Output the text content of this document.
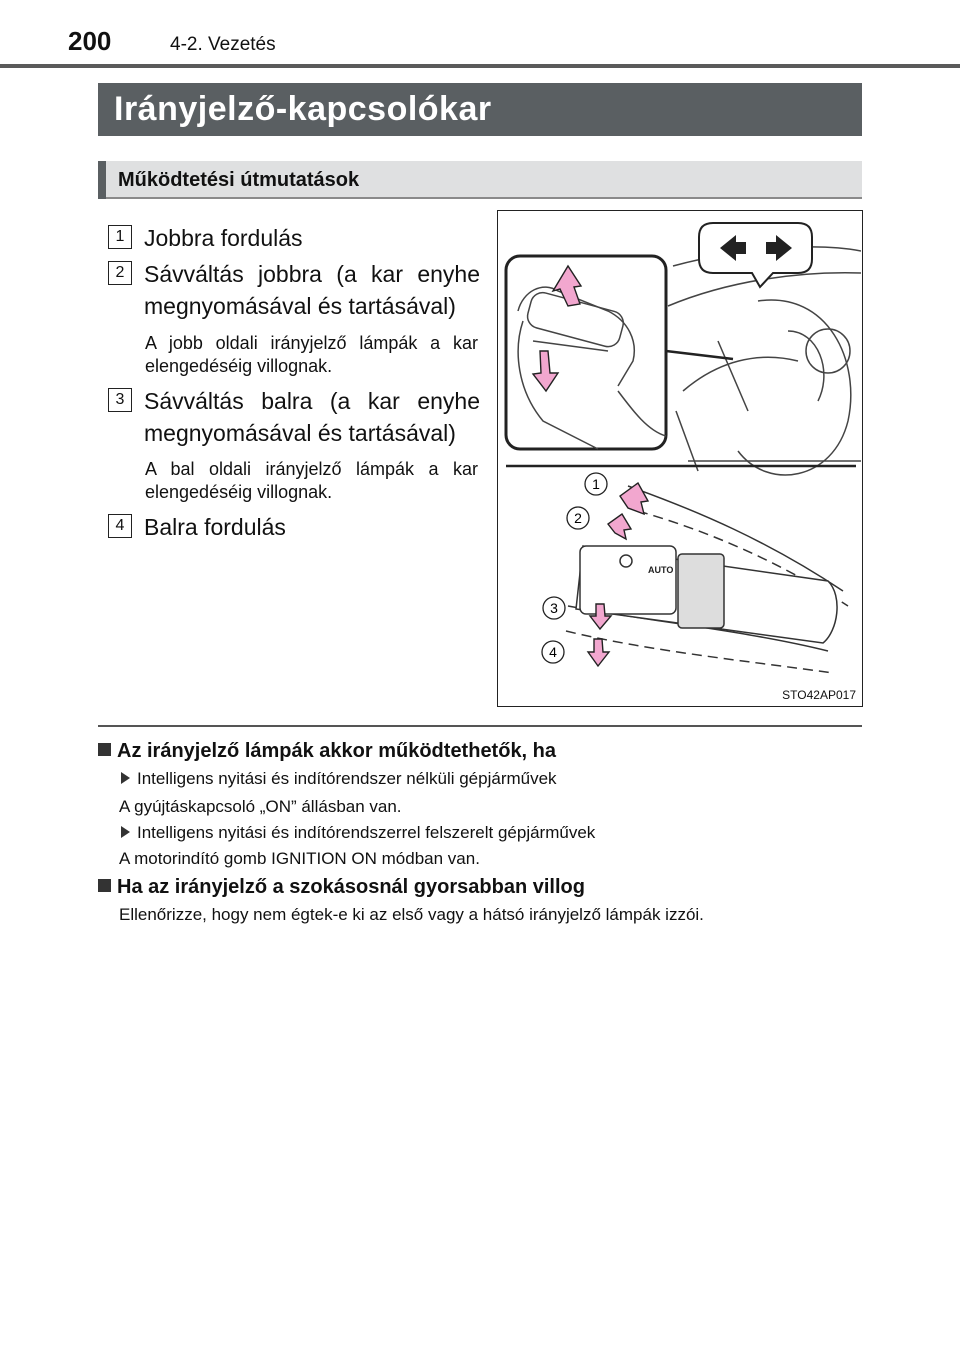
200	4-2. Vezetés
Irányjelző-kapcsolókar
Működtetési útmutatások
1 Jobbra fordulás
2 Sávváltás jobbra (a kar enyhe megnyomásával és tartásával)
A jobb oldali irányjelző lámpák a kar elengedéséig villognak.
3 Sávváltás balra (a kar enyhe megnyomásával és tartásával)
A bal oldali irányjelző lámpák a kar elengedéséig villognak.
4 Balra fordulás
AUTO
1
2
3
4
STO42AP017
Az irányjelző lámpák akkor működtethetők, ha
Intelligens nyitási és indítórendszer nélküli gépjárművek
A gyújtáskapcsoló „ON” állásban van.
Intelligens nyitási és indítórendszerrel felszerelt gépjárművek
A motorindító gomb IGNITION ON módban van.
Ha az irányjelző a szokásosnál gyorsabban villog
Ellenőrizze, hogy nem égtek-e ki az első vagy a hátsó irányjelző lámpák izzói.
